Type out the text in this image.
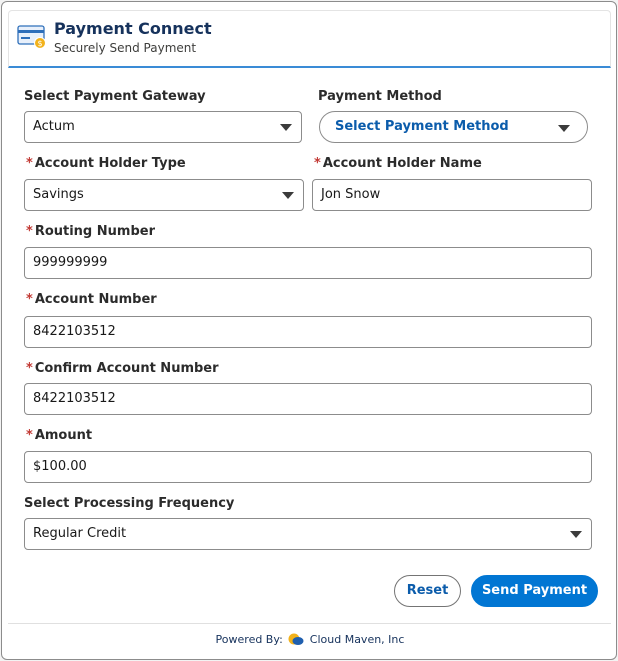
$
Payment Connect
Securely Send Payment
Select Payment Gateway
Actum
Payment Method
Select Payment Method
* Account Holder Type
Savings
* Account Holder Name
Jon Snow
* Routing Number
999999999
* Account Number
8422103512
* Confirm Account Number
8422103512
* Amount
$100.00
Select Processing Frequency
Regular Credit
Reset	Send Payment
Powered By: Cloud Maven, Inc
